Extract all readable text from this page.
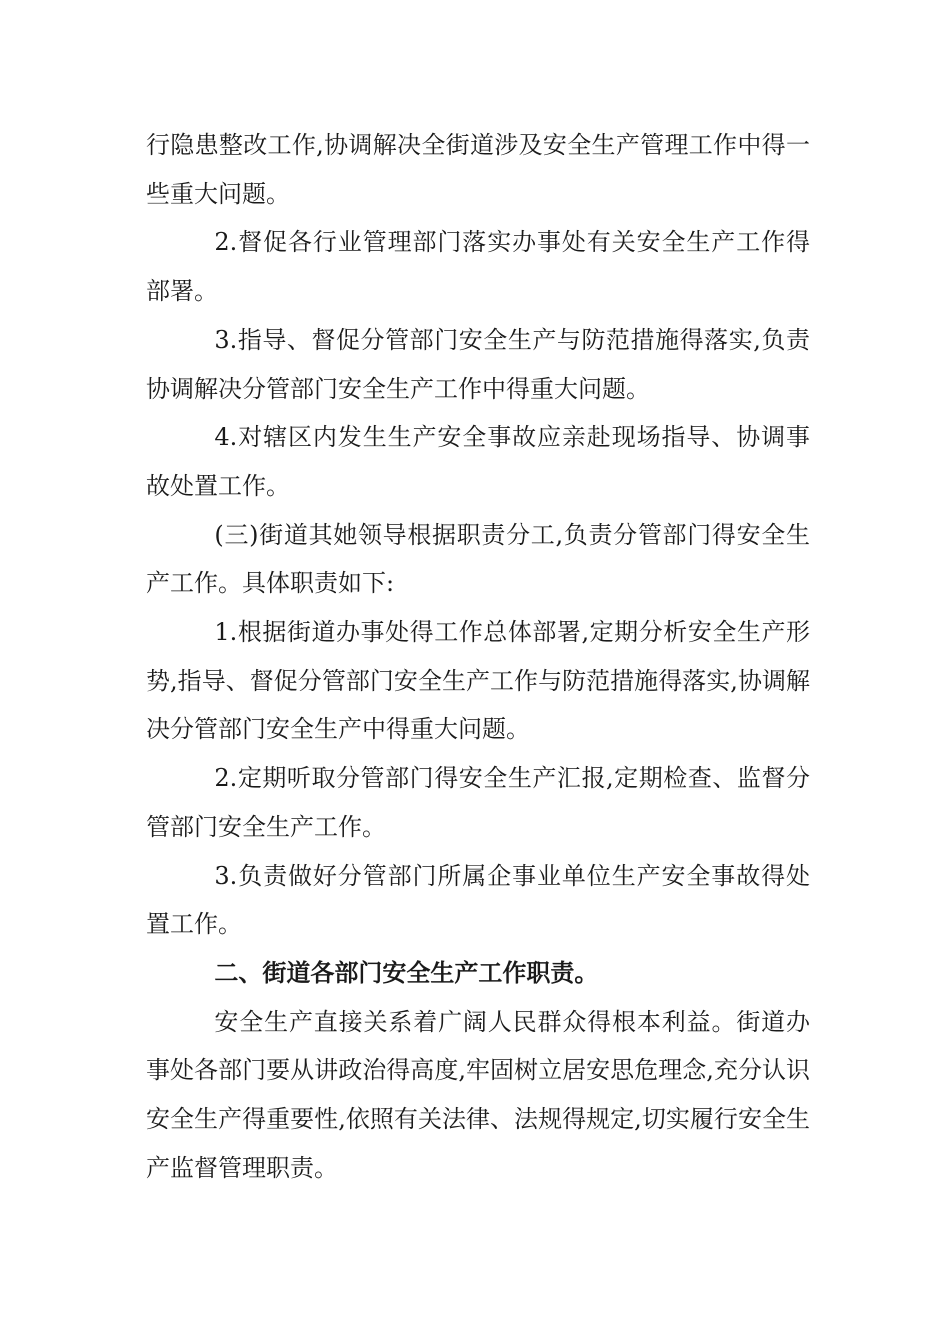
行隐患整改工作,协调解决全街道涉及安全生产管理工作中得一些重大问题。

2.督促各行业管理部门落实办事处有关安全生产工作得部署。

3.指导、督促分管部门安全生产与防范措施得落实,负责协调解决分管部门安全生产工作中得重大问题。

4.对辖区内发生生产安全事故应亲赴现场指导、协调事故处置工作。

(三)街道其她领导根据职责分工,负责分管部门得安全生产工作。具体职责如下:

1.根据街道办事处得工作总体部署,定期分析安全生产形势,指导、督促分管部门安全生产工作与防范措施得落实,协调解决分管部门安全生产中得重大问题。

2.定期听取分管部门得安全生产汇报,定期检查、监督分管部门安全生产工作。

3.负责做好分管部门所属企事业单位生产安全事故得处置工作。

二、街道各部门安全生产工作职责。

安全生产直接关系着广阔人民群众得根本利益。街道办事处各部门要从讲政治得高度,牢固树立居安思危理念,充分认识安全生产得重要性,依照有关法律、法规得规定,切实履行安全生产监督管理职责。
